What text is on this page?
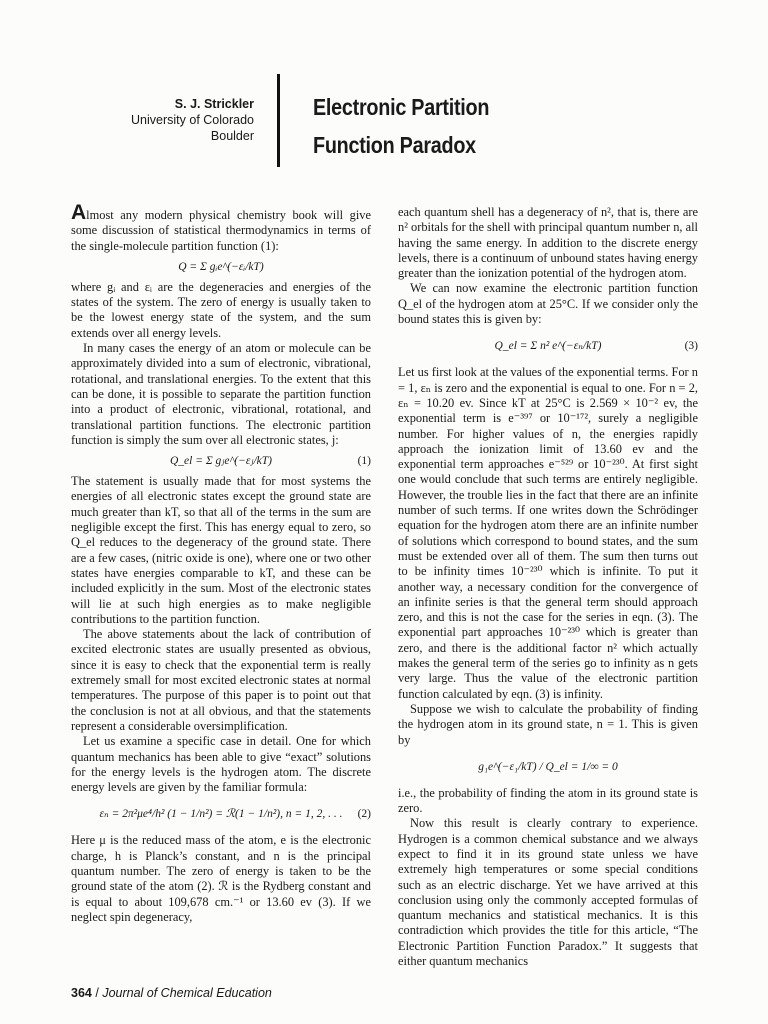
S. J. Strickler
University of Colorado
Boulder
Electronic Partition
Function Paradox

Almost any modern physical chemistry book will give some discussion of statistical thermodynamics in terms of the single-molecule partition function (1):

Q = Σ gᵢe^(−εᵢ/kT)

where gᵢ and εᵢ are the degeneracies and energies of the states of the system. The zero of energy is usually taken to be the lowest energy state of the system, and the sum extends over all energy levels.

In many cases the energy of an atom or molecule can be approximately divided into a sum of electronic, vibrational, rotational, and translational energies. To the extent that this can be done, it is possible to separate the partition function into a product of electronic, vibrational, rotational, and translational partition functions. The electronic partition function is simply the sum over all electronic states, j:

Q_el = Σ gⱼe^(−εⱼ/kT)	(1)

The statement is usually made that for most systems the energies of all electronic states except the ground state are much greater than kT, so that all of the terms in the sum are negligible except the first. This has energy equal to zero, so Q_el reduces to the degeneracy of the ground state. There are a few cases, (nitric oxide is one), where one or two other states have energies comparable to kT, and these can be included explicitly in the sum. Most of the electronic states will lie at such high energies as to make negligible contributions to the partition function.

The above statements about the lack of contribution of excited electronic states are usually presented as obvious, since it is easy to check that the exponential term is really extremely small for most excited electronic states at normal temperatures. The purpose of this paper is to point out that the conclusion is not at all obvious, and that the statements represent a considerable oversimplification.

Let us examine a specific case in detail. One for which quantum mechanics has been able to give “exact” solutions for the energy levels is the hydrogen atom. The discrete energy levels are given by the familiar formula:

εₙ = 2π²μe⁴/h² (1 − 1/n²) = ℛ(1 − 1/n²), n = 1, 2, . . . (2)

Here μ is the reduced mass of the atom, e is the electronic charge, h is Planck’s constant, and n is the principal quantum number. The zero of energy is taken to be the ground state of the atom (2). ℛ is the Rydberg constant and is equal to about 109,678 cm.⁻¹ or 13.60 ev (3). If we neglect spin degeneracy,

each quantum shell has a degeneracy of n², that is, there are n² orbitals for the shell with principal quantum number n, all having the same energy. In addition to the discrete energy levels, there is a continuum of unbound states having energy greater than the ionization potential of the hydrogen atom.

We can now examine the electronic partition function Q_el of the hydrogen atom at 25°C. If we consider only the bound states this is given by:

Q_el = Σ n² e^(−εₙ/kT)	(3)

Let us first look at the values of the exponential terms. For n = 1, εₙ is zero and the exponential is equal to one. For n = 2, εₙ = 10.20 ev. Since kT at 25°C is 2.569 × 10⁻² ev, the exponential term is e⁻³⁹⁷ or 10⁻¹⁷², surely a negligible number. For higher values of n, the energies rapidly approach the ionization limit of 13.60 ev and the exponential term approaches e⁻⁵²⁹ or 10⁻²³⁰. At first sight one would conclude that such terms are entirely negligible. However, the trouble lies in the fact that there are an infinite number of such terms. If one writes down the Schrödinger equation for the hydrogen atom there are an infinite number of solutions which correspond to bound states, and the sum must be extended over all of them. The sum then turns out to be infinity times 10⁻²³⁰ which is infinite. To put it another way, a necessary condition for the convergence of an infinite series is that the general term should approach zero, and this is not the case for the series in eqn. (3). The exponential part approaches 10⁻²³⁰ which is greater than zero, and there is the additional factor n² which actually makes the general term of the series go to infinity as n gets very large. Thus the value of the electronic partition function calculated by eqn. (3) is infinity.

Suppose we wish to calculate the probability of finding the hydrogen atom in its ground state, n = 1. This is given by

g₁e^(−ε₁/kT) / Q_el = 1/∞ = 0

i.e., the probability of finding the atom in its ground state is zero.

Now this result is clearly contrary to experience. Hydrogen is a common chemical substance and we always expect to find it in its ground state unless we have extremely high temperatures or some special conditions such as an electric discharge. Yet we have arrived at this conclusion using only the commonly accepted formulas of quantum mechanics and statistical mechanics. It is this contradiction which provides the title for this article, “The Electronic Partition Function Paradox.” It suggests that either quantum mechanics

364 / Journal of Chemical Education
